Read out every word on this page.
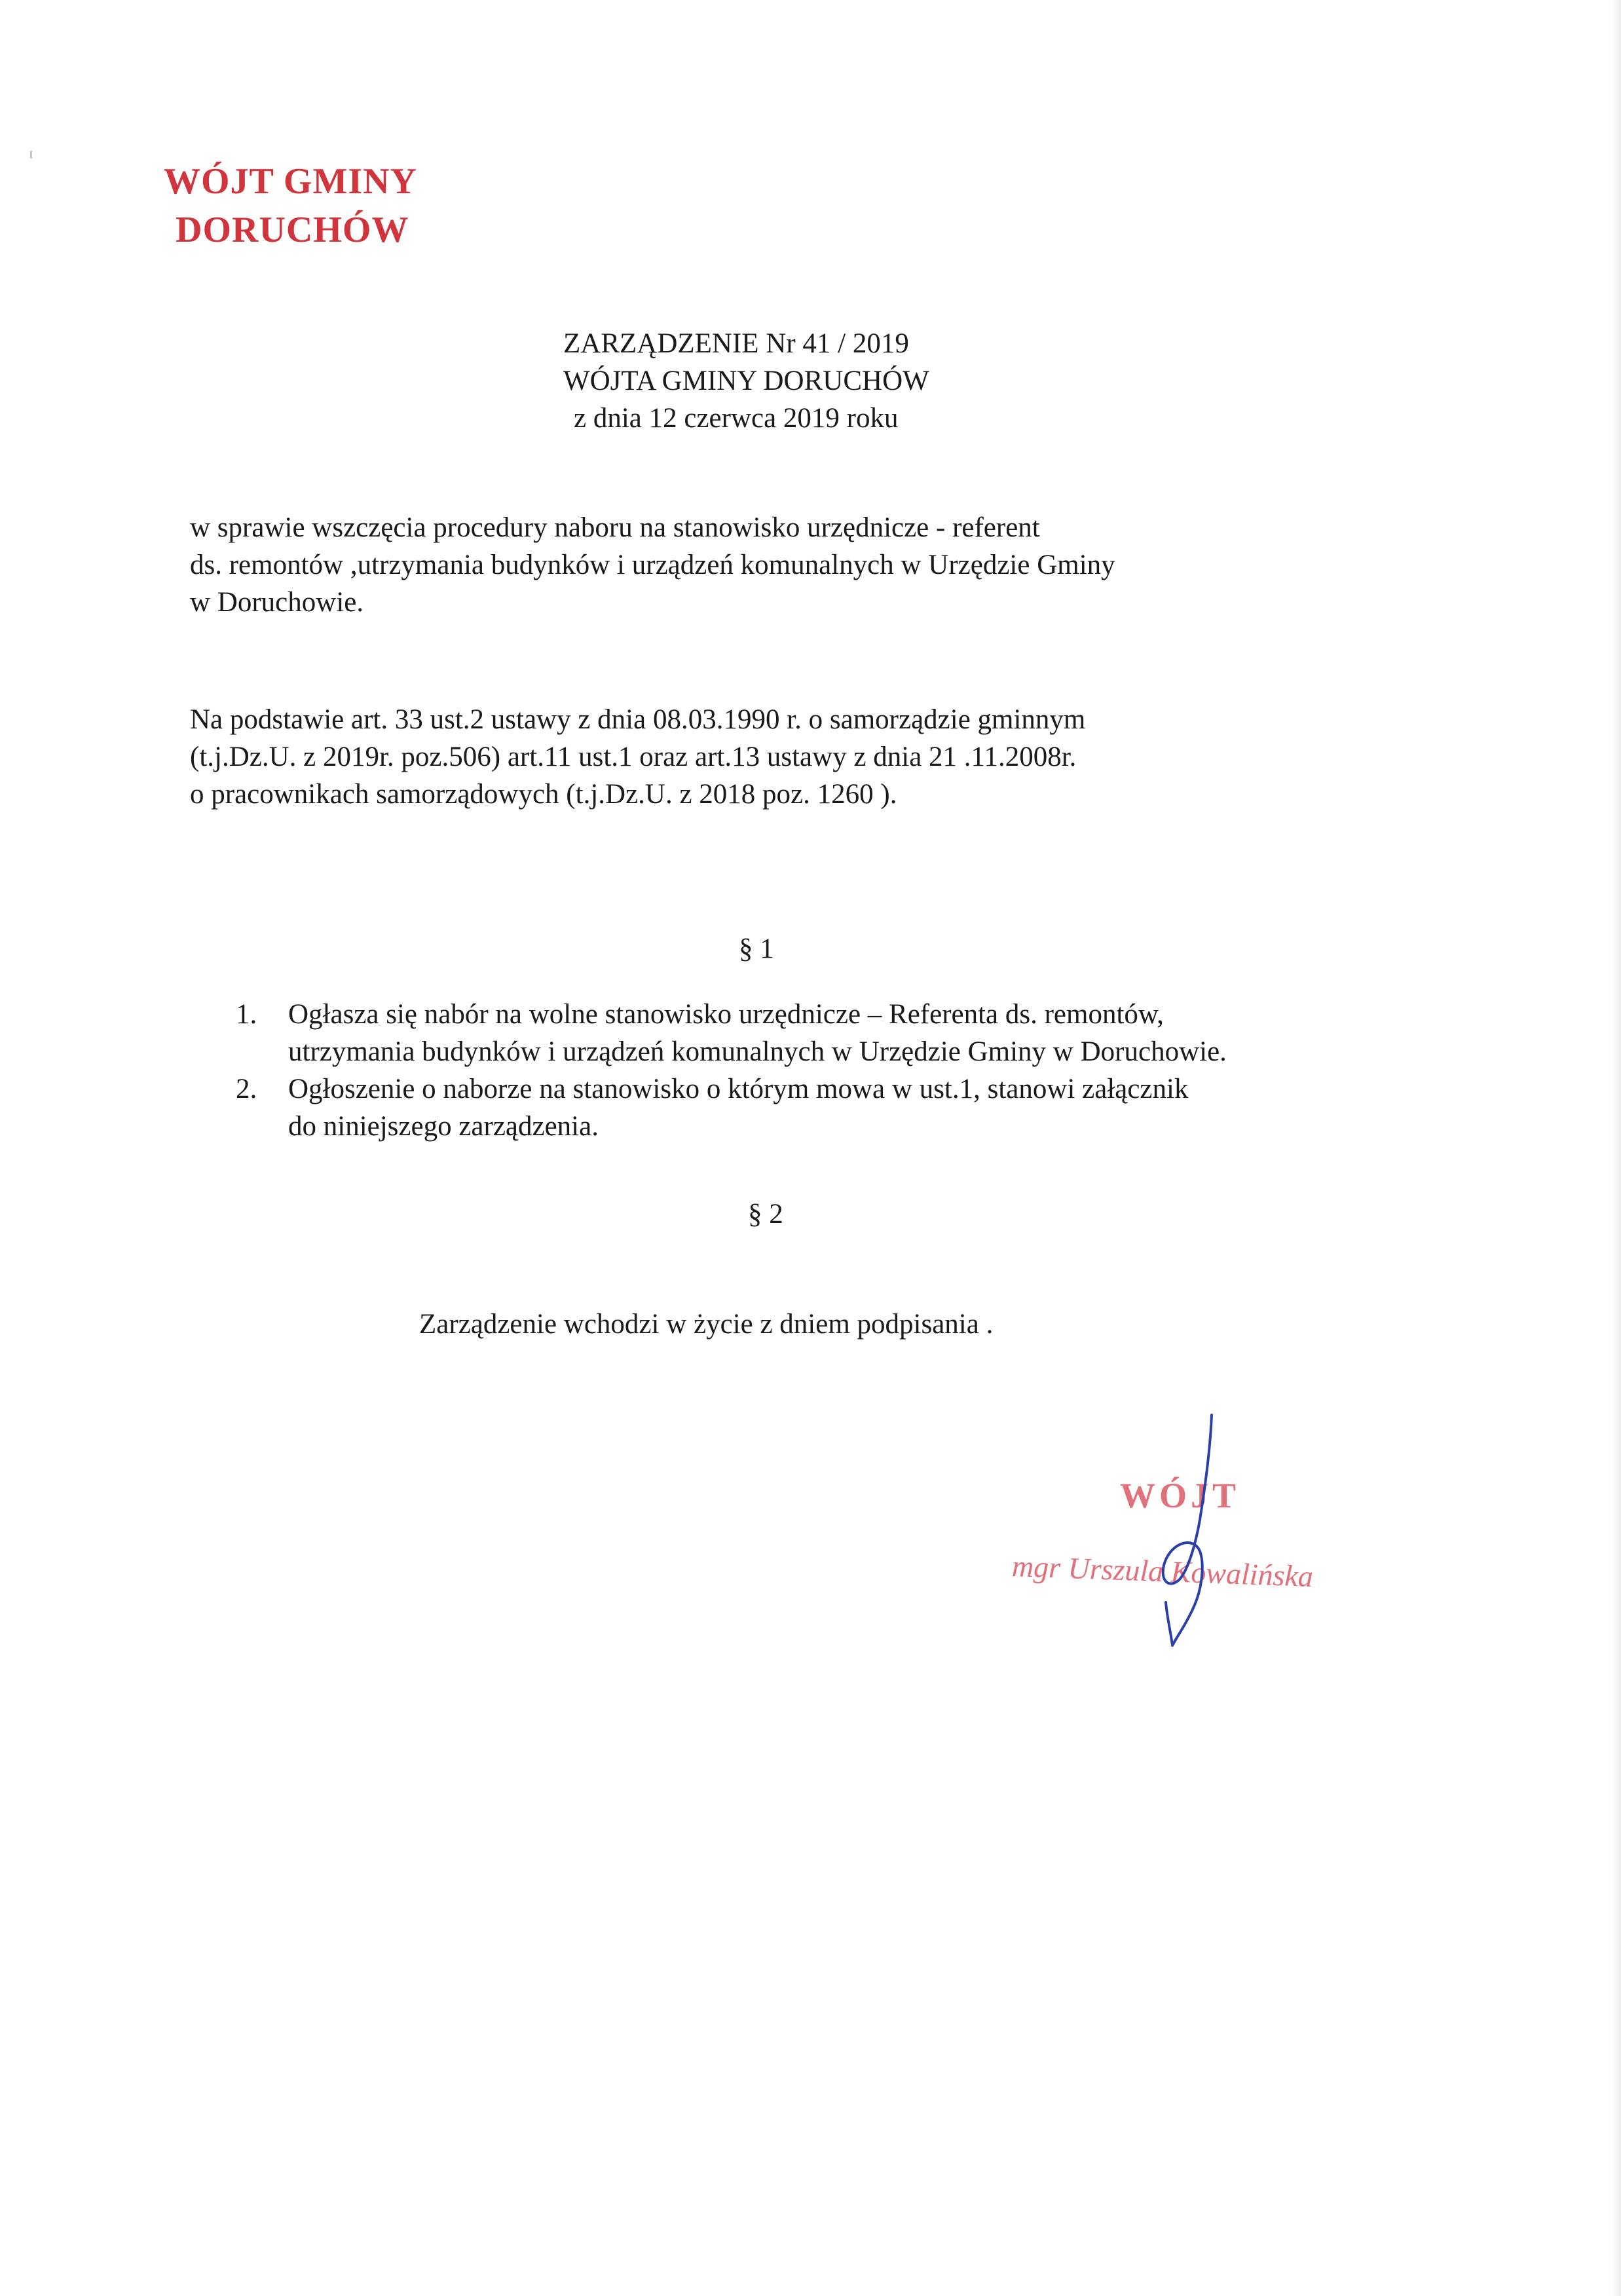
WÓJT GMINY
DORUCHÓW
ZARZĄDZENIE Nr 41 / 2019
WÓJTA GMINY DORUCHÓW
z dnia 12 czerwca 2019 roku
w sprawie wszczęcia procedury naboru na stanowisko urzędnicze - referent
ds. remontów ,utrzymania budynków i urządzeń komunalnych w Urzędzie Gminy
w Doruchowie.
Na podstawie art. 33 ust.2 ustawy z dnia 08.03.1990 r. o samorządzie gminnym
(t.j.Dz.U. z 2019r. poz.506) art.11 ust.1 oraz art.13 ustawy z dnia 21 .11.2008r.
o pracownikach samorządowych (t.j.Dz.U. z 2018 poz. 1260 ).
§ 1
1.	Ogłasza się nabór na wolne stanowisko urzędnicze – Referenta ds. remontów,
utrzymania budynków i urządzeń komunalnych w Urzędzie Gminy w Doruchowie.
2.	Ogłoszenie o naborze na stanowisko o którym mowa w ust.1, stanowi załącznik
do niniejszego zarządzenia.
§ 2
Zarządzenie wchodzi w życie z dniem podpisania .
WÓJT
mgr Urszula Kowalińska
